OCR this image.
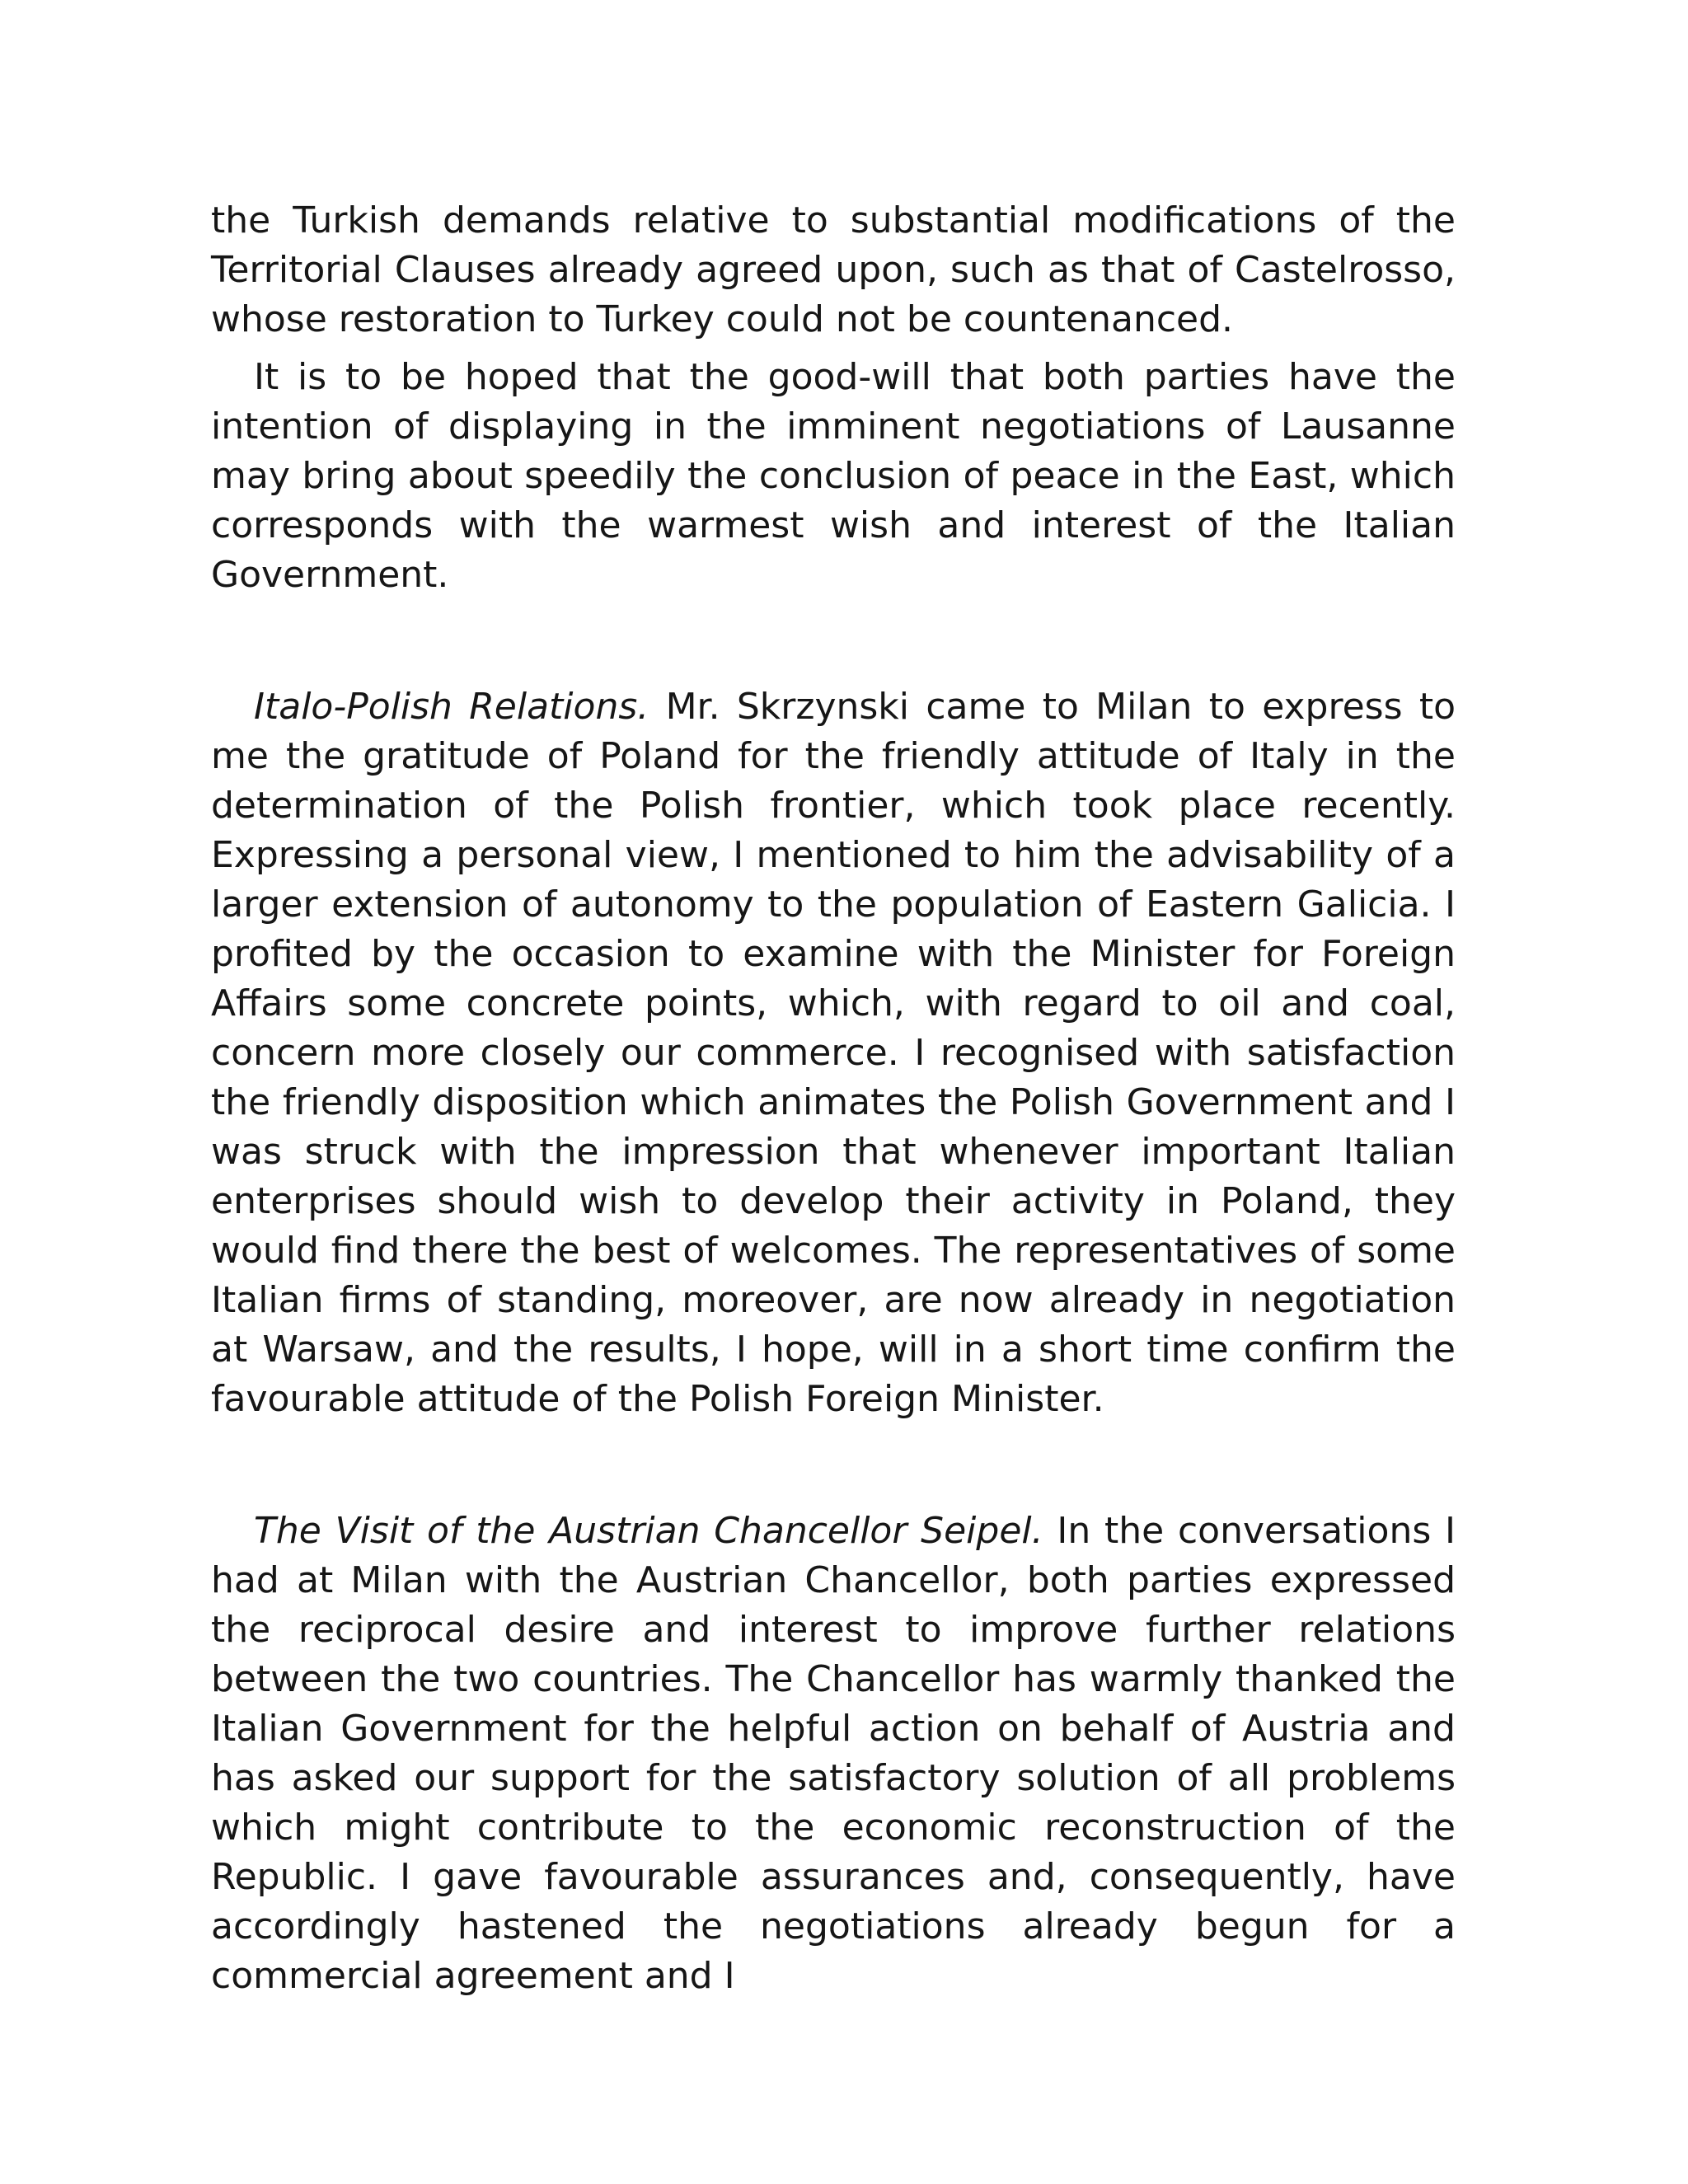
the Turkish demands relative to substantial modifications of the Territorial Clauses already agreed upon, such as that of Castelrosso, whose restoration to Turkey could not be countenanced.

It is to be hoped that the good-will that both parties have the intention of displaying in the imminent negotiations of Lausanne may bring about speedily the conclusion of peace in the East, which corresponds with the warmest wish and interest of the Italian Government.

Italo-Polish Relations. Mr. Skrzynski came to Milan to express to me the gratitude of Poland for the friendly attitude of Italy in the determination of the Polish frontier, which took place recently. Expressing a personal view, I mentioned to him the advisability of a larger extension of autonomy to the population of Eastern Galicia. I profited by the occasion to examine with the Minister for Foreign Affairs some concrete points, which, with regard to oil and coal, concern more closely our commerce. I recognised with satisfaction the friendly disposition which animates the Polish Government and I was struck with the impression that whenever important Italian enterprises should wish to develop their activity in Poland, they would find there the best of welcomes. The representatives of some Italian firms of standing, moreover, are now already in negotiation at Warsaw, and the results, I hope, will in a short time confirm the favourable attitude of the Polish Foreign Minister.

The Visit of the Austrian Chancellor Seipel. In the conversations I had at Milan with the Austrian Chancellor, both parties expressed the reciprocal desire and interest to improve further relations between the two countries. The Chancellor has warmly thanked the Italian Government for the helpful action on behalf of Austria and has asked our support for the satisfactory solution of all problems which might contribute to the economic reconstruction of the Republic. I gave favourable assurances and, consequently, have accordingly hastened the negotiations already begun for a commercial agreement and I
